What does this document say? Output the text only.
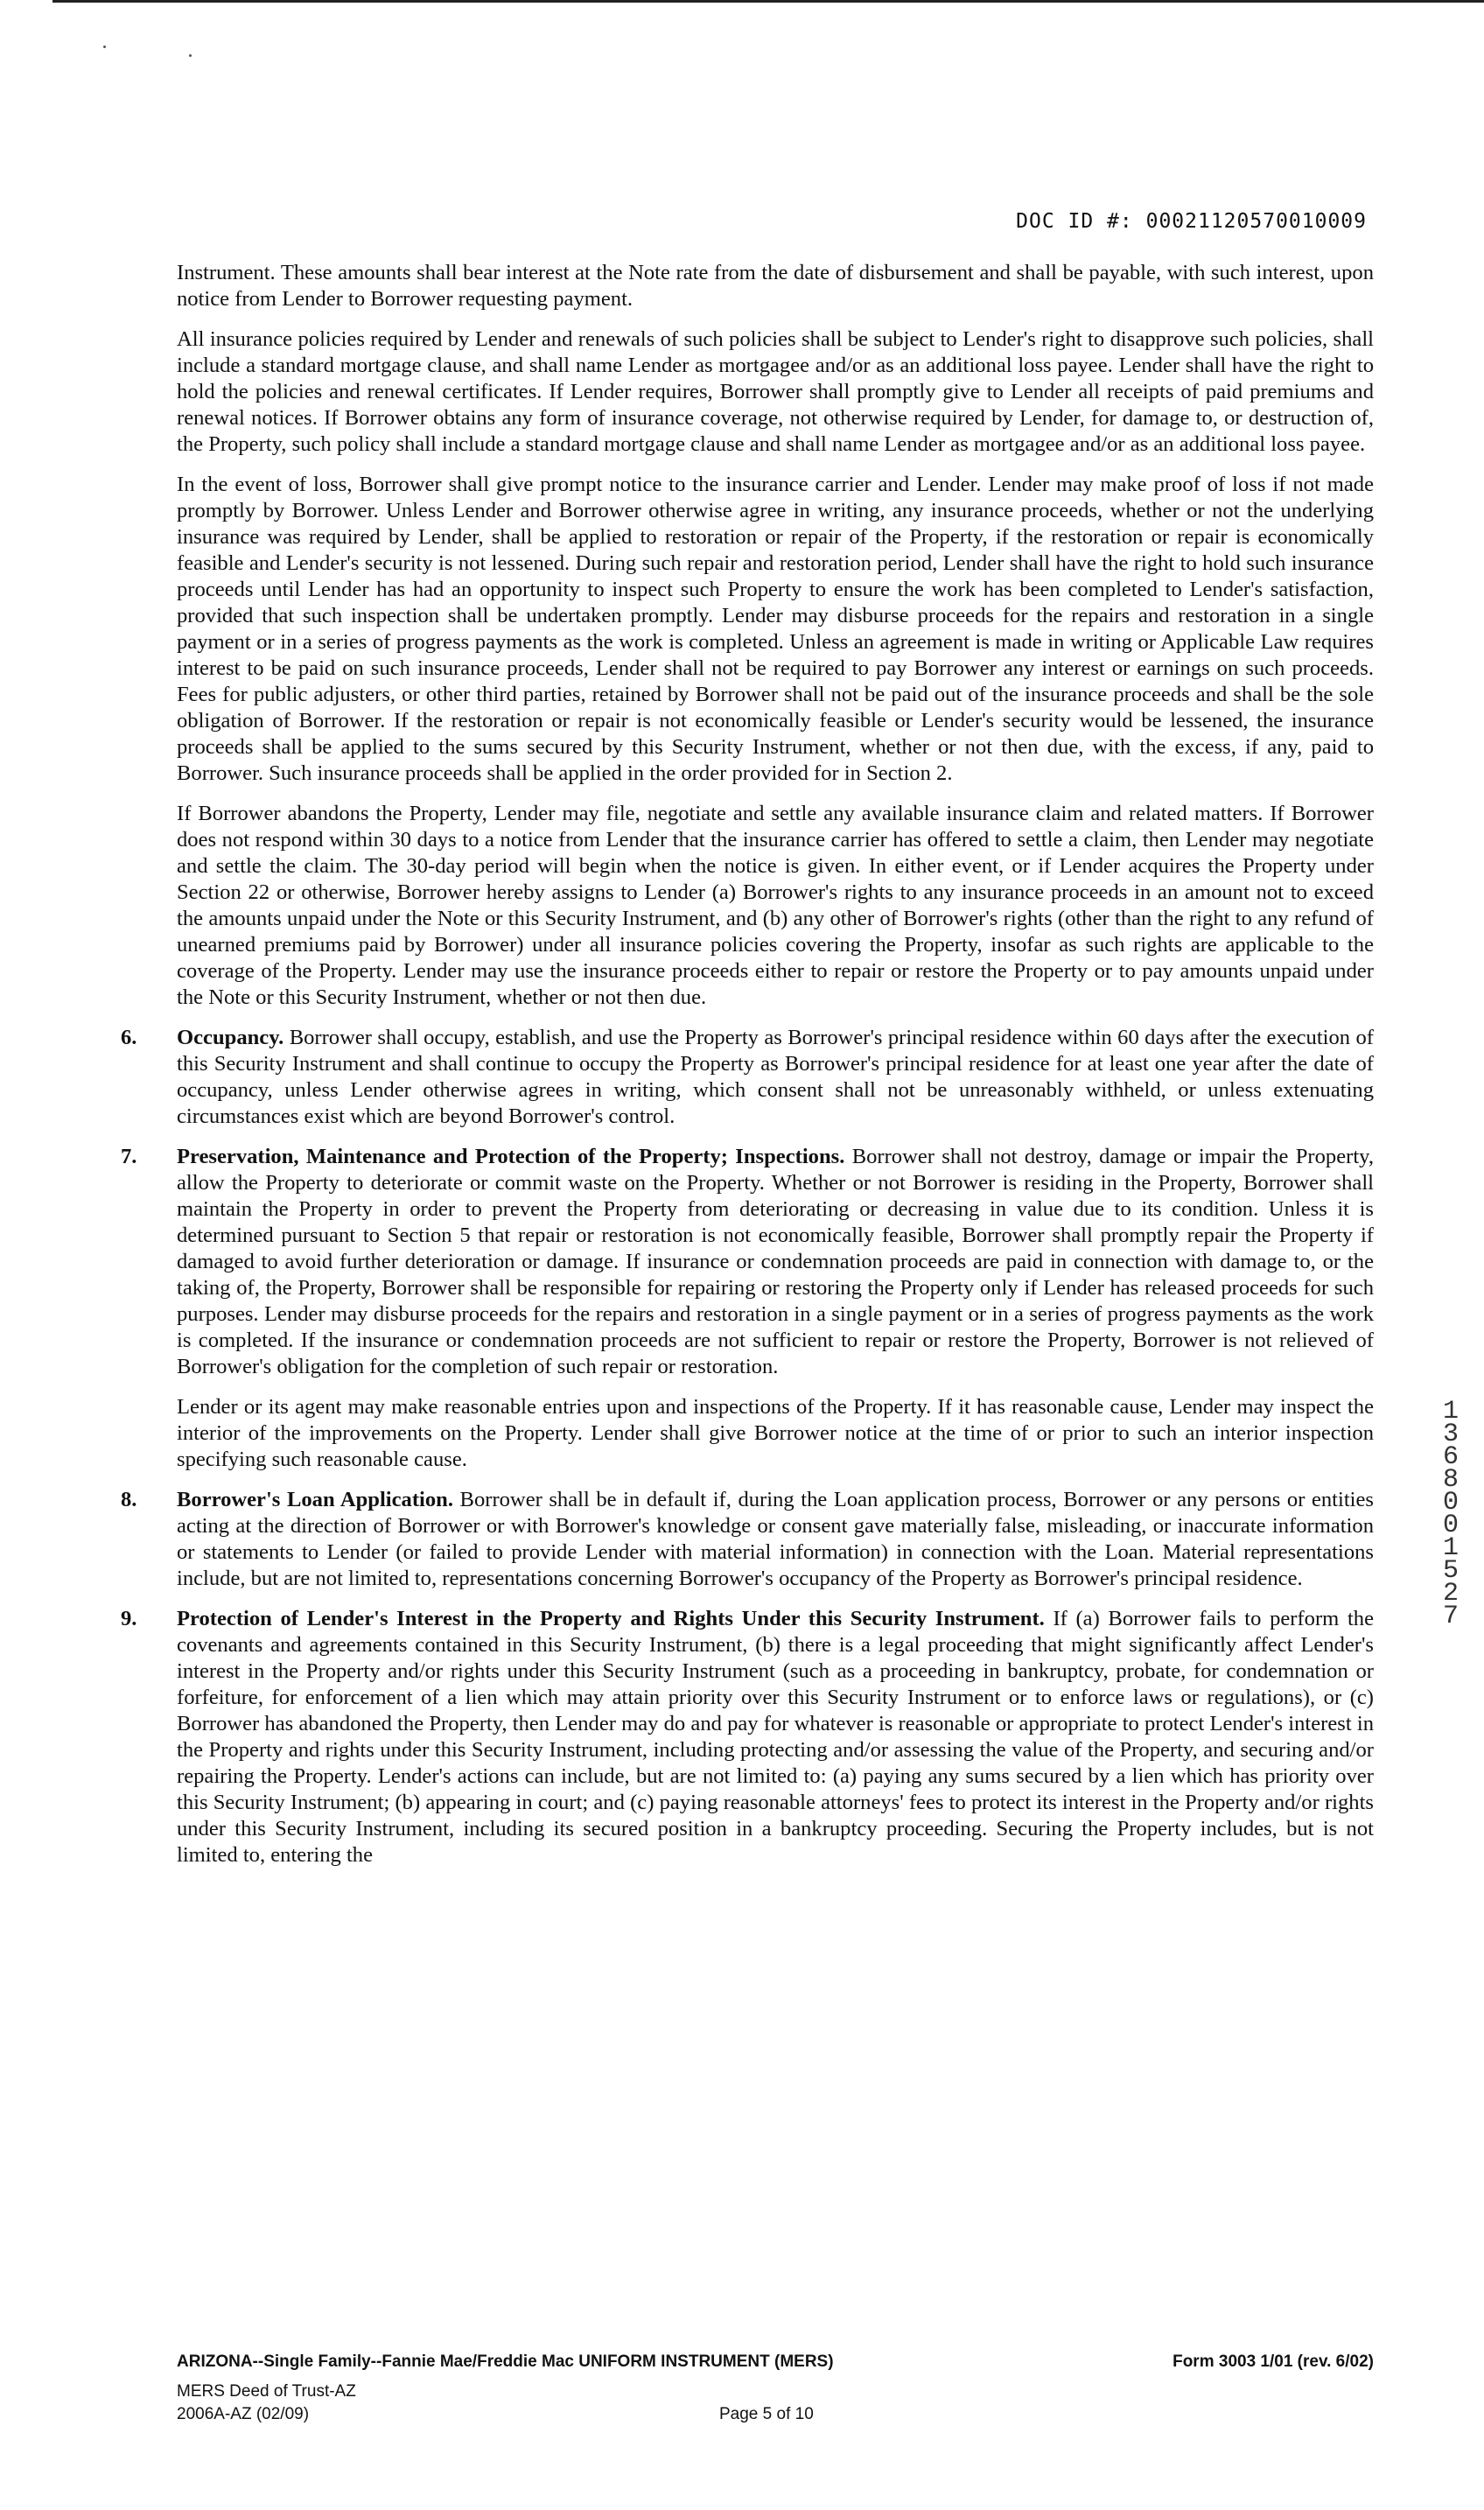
DOC ID #: 00021120570010009

Instrument. These amounts shall bear interest at the Note rate from the date of disbursement and shall be payable, with such interest, upon notice from Lender to Borrower requesting payment.

All insurance policies required by Lender and renewals of such policies shall be subject to Lender's right to disapprove such policies, shall include a standard mortgage clause, and shall name Lender as mortgagee and/or as an additional loss payee. Lender shall have the right to hold the policies and renewal certificates. If Lender requires, Borrower shall promptly give to Lender all receipts of paid premiums and renewal notices. If Borrower obtains any form of insurance coverage, not otherwise required by Lender, for damage to, or destruction of, the Property, such policy shall include a standard mortgage clause and shall name Lender as mortgagee and/or as an additional loss payee.

In the event of loss, Borrower shall give prompt notice to the insurance carrier and Lender. Lender may make proof of loss if not made promptly by Borrower. Unless Lender and Borrower otherwise agree in writing, any insurance proceeds, whether or not the underlying insurance was required by Lender, shall be applied to restoration or repair of the Property, if the restoration or repair is economically feasible and Lender's security is not lessened. During such repair and restoration period, Lender shall have the right to hold such insurance proceeds until Lender has had an opportunity to inspect such Property to ensure the work has been completed to Lender's satisfaction, provided that such inspection shall be undertaken promptly. Lender may disburse proceeds for the repairs and restoration in a single payment or in a series of progress payments as the work is completed. Unless an agreement is made in writing or Applicable Law requires interest to be paid on such insurance proceeds, Lender shall not be required to pay Borrower any interest or earnings on such proceeds. Fees for public adjusters, or other third parties, retained by Borrower shall not be paid out of the insurance proceeds and shall be the sole obligation of Borrower. If the restoration or repair is not economically feasible or Lender's security would be lessened, the insurance proceeds shall be applied to the sums secured by this Security Instrument, whether or not then due, with the excess, if any, paid to Borrower. Such insurance proceeds shall be applied in the order provided for in Section 2.

If Borrower abandons the Property, Lender may file, negotiate and settle any available insurance claim and related matters. If Borrower does not respond within 30 days to a notice from Lender that the insurance carrier has offered to settle a claim, then Lender may negotiate and settle the claim. The 30-day period will begin when the notice is given. In either event, or if Lender acquires the Property under Section 22 or otherwise, Borrower hereby assigns to Lender (a) Borrower's rights to any insurance proceeds in an amount not to exceed the amounts unpaid under the Note or this Security Instrument, and (b) any other of Borrower's rights (other than the right to any refund of unearned premiums paid by Borrower) under all insurance policies covering the Property, insofar as such rights are applicable to the coverage of the Property. Lender may use the insurance proceeds either to repair or restore the Property or to pay amounts unpaid under the Note or this Security Instrument, whether or not then due.

6. Occupancy. Borrower shall occupy, establish, and use the Property as Borrower's principal residence within 60 days after the execution of this Security Instrument and shall continue to occupy the Property as Borrower's principal residence for at least one year after the date of occupancy, unless Lender otherwise agrees in writing, which consent shall not be unreasonably withheld, or unless extenuating circumstances exist which are beyond Borrower's control.

7. Preservation, Maintenance and Protection of the Property; Inspections. Borrower shall not destroy, damage or impair the Property, allow the Property to deteriorate or commit waste on the Property. Whether or not Borrower is residing in the Property, Borrower shall maintain the Property in order to prevent the Property from deteriorating or decreasing in value due to its condition. Unless it is determined pursuant to Section 5 that repair or restoration is not economically feasible, Borrower shall promptly repair the Property if damaged to avoid further deterioration or damage. If insurance or condemnation proceeds are paid in connection with damage to, or the taking of, the Property, Borrower shall be responsible for repairing or restoring the Property only if Lender has released proceeds for such purposes. Lender may disburse proceeds for the repairs and restoration in a single payment or in a series of progress payments as the work is completed. If the insurance or condemnation proceeds are not sufficient to repair or restore the Property, Borrower is not relieved of Borrower's obligation for the completion of such repair or restoration.

Lender or its agent may make reasonable entries upon and inspections of the Property. If it has reasonable cause, Lender may inspect the interior of the improvements on the Property. Lender shall give Borrower notice at the time of or prior to such an interior inspection specifying such reasonable cause.

8. Borrower's Loan Application. Borrower shall be in default if, during the Loan application process, Borrower or any persons or entities acting at the direction of Borrower or with Borrower's knowledge or consent gave materially false, misleading, or inaccurate information or statements to Lender (or failed to provide Lender with material information) in connection with the Loan. Material representations include, but are not limited to, representations concerning Borrower's occupancy of the Property as Borrower's principal residence.

9. Protection of Lender's Interest in the Property and Rights Under this Security Instrument. If (a) Borrower fails to perform the covenants and agreements contained in this Security Instrument, (b) there is a legal proceeding that might significantly affect Lender's interest in the Property and/or rights under this Security Instrument (such as a proceeding in bankruptcy, probate, for condemnation or forfeiture, for enforcement of a lien which may attain priority over this Security Instrument or to enforce laws or regulations), or (c) Borrower has abandoned the Property, then Lender may do and pay for whatever is reasonable or appropriate to protect Lender's interest in the Property and rights under this Security Instrument, including protecting and/or assessing the value of the Property, and securing and/or repairing the Property. Lender's actions can include, but are not limited to: (a) paying any sums secured by a lien which has priority over this Security Instrument; (b) appearing in court; and (c) paying reasonable attorneys' fees to protect its interest in the Property and/or rights under this Security Instrument, including its secured position in a bankruptcy proceeding. Securing the Property includes, but is not limited to, entering the

1
3
6
8
0
0
1
5
2
7
ARIZONA--Single Family--Fannie Mae/Freddie Mac UNIFORM INSTRUMENT (MERS)	Form 3003 1/01 (rev. 6/02)
MERS Deed of Trust-AZ
2006A-AZ (02/09)	Page 5 of 10
